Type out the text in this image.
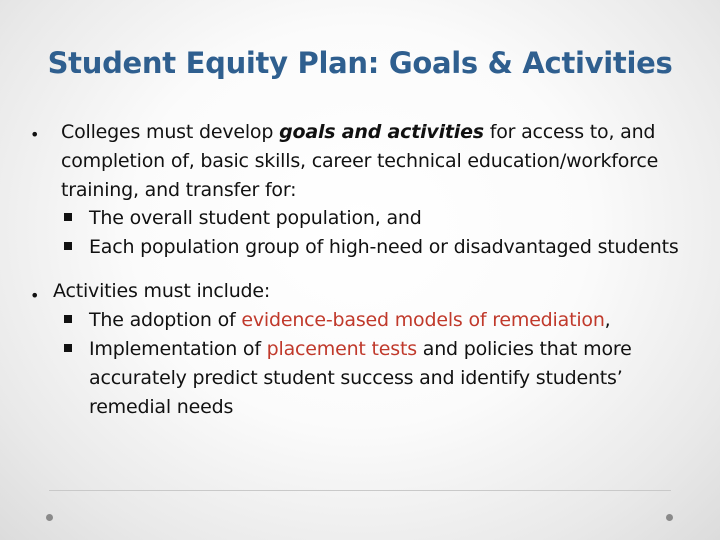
Student Equity Plan: Goals & Activities
• Colleges must develop goals and activities for access to, and
completion of, basic skills, career technical education/workforce
training, and transfer for:
The overall student population, and
Each population group of high-need or disadvantaged students
• Activities must include:
The adoption of evidence-based models of remediation,
Implementation of placement tests and policies that more
accurately predict student success and identify students’
remedial needs
